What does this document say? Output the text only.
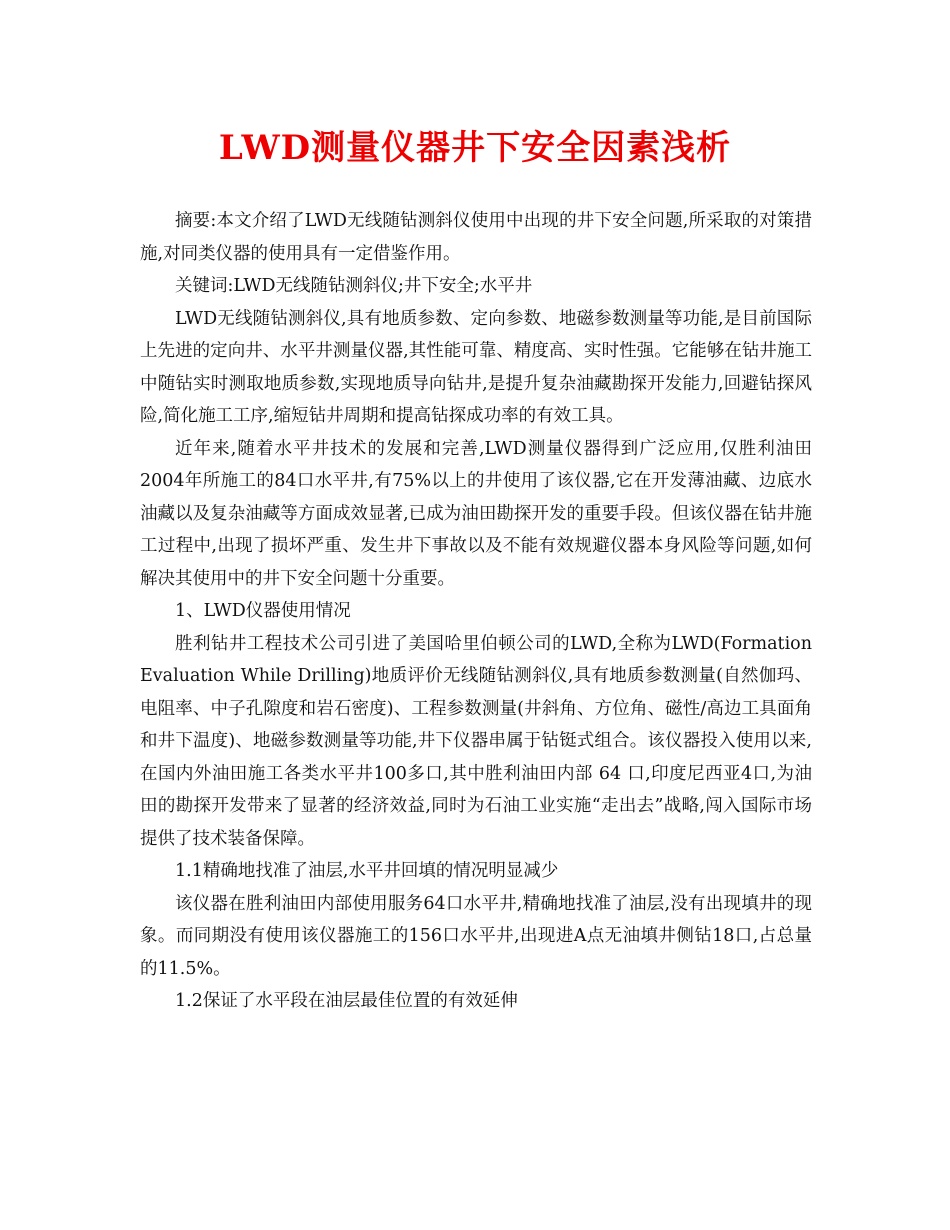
LWD测量仪器井下安全因素浅析

摘要:本文介绍了LWD无线随钻测斜仪使用中出现的井下安全问题,所采取的对策措施,对同类仪器的使用具有一定借鉴作用。

关键词:LWD无线随钻测斜仪;井下安全;水平井

LWD无线随钻测斜仪,具有地质参数、定向参数、地磁参数测量等功能,是目前国际上先进的定向井、水平井测量仪器,其性能可靠、精度高、实时性强。它能够在钻井施工中随钻实时测取地质参数,实现地质导向钻井,是提升复杂油藏勘探开发能力,回避钻探风险,简化施工工序,缩短钻井周期和提高钻探成功率的有效工具。

近年来,随着水平井技术的发展和完善,LWD测量仪器得到广泛应用,仅胜利油田2004年所施工的84口水平井,有75%以上的井使用了该仪器,它在开发薄油藏、边底水油藏以及复杂油藏等方面成效显著,已成为油田勘探开发的重要手段。但该仪器在钻井施工过程中,出现了损坏严重、发生井下事故以及不能有效规避仪器本身风险等问题,如何解决其使用中的井下安全问题十分重要。

1、LWD仪器使用情况

胜利钻井工程技术公司引进了美国哈里伯顿公司的LWD,全称为LWD(Formation Evaluation While Drilling)地质评价无线随钻测斜仪,具有地质参数测量(自然伽玛、电阻率、中子孔隙度和岩石密度)、工程参数测量(井斜角、方位角、磁性/高边工具面角和井下温度)、地磁参数测量等功能,井下仪器串属于钻铤式组合。该仪器投入使用以来,在国内外油田施工各类水平井100多口,其中胜利油田内部 64 口,印度尼西亚4口,为油田的勘探开发带来了显著的经济效益,同时为石油工业实施“走出去”战略,闯入国际市场提供了技术装备保障。

1.1精确地找准了油层,水平井回填的情况明显减少

该仪器在胜利油田内部使用服务64口水平井,精确地找准了油层,没有出现填井的现象。而同期没有使用该仪器施工的156口水平井,出现进A点无油填井侧钻18口,占总量的11.5%。

1.2保证了水平段在油层最佳位置的有效延伸
